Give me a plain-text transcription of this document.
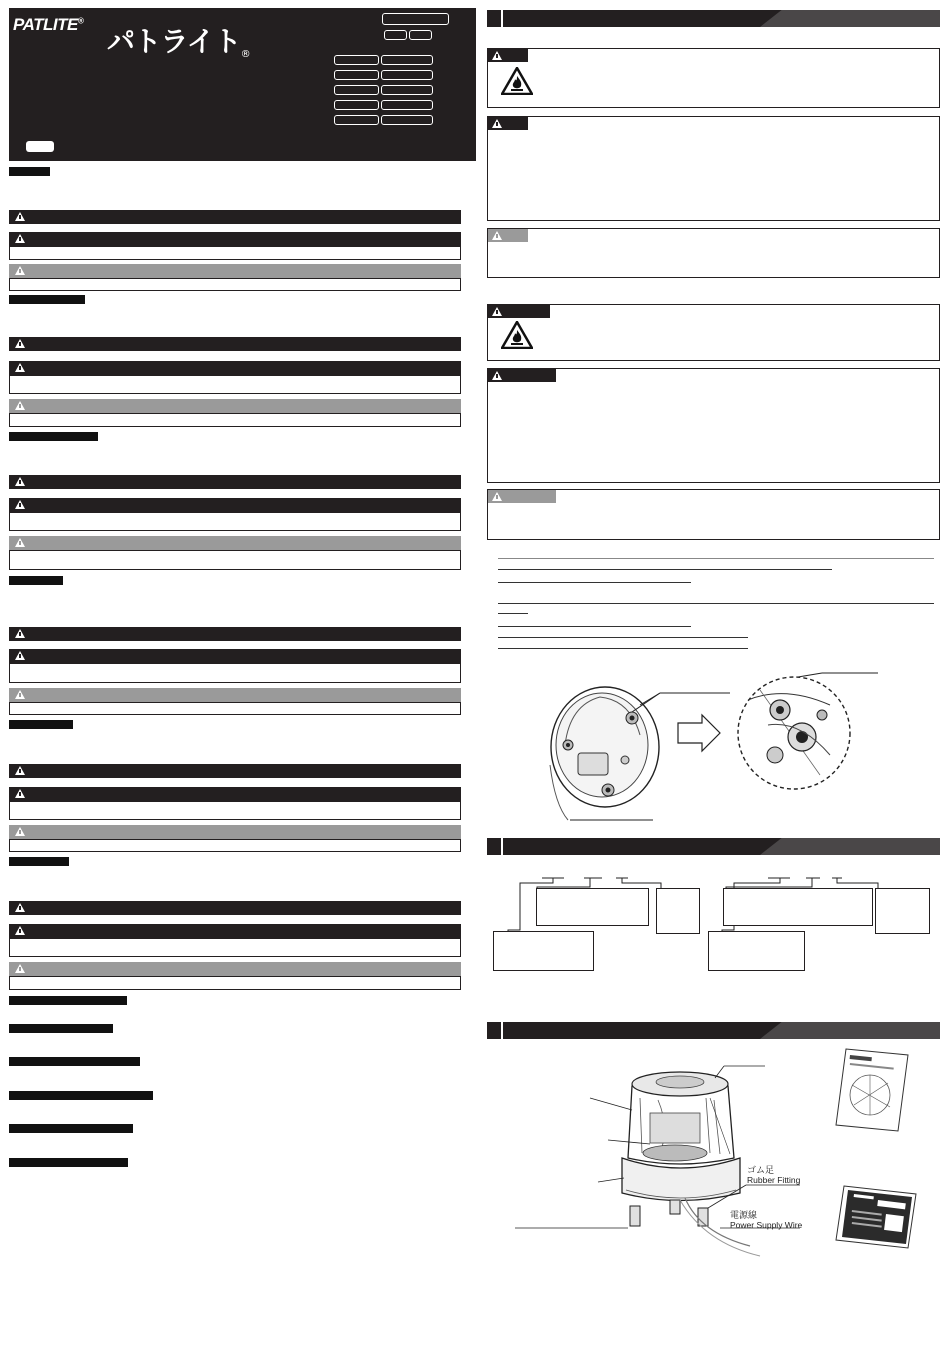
PATLITE®
パトライト$_®$
ゴム足
Rubber Fitting
電源線
Power Supply Wire
